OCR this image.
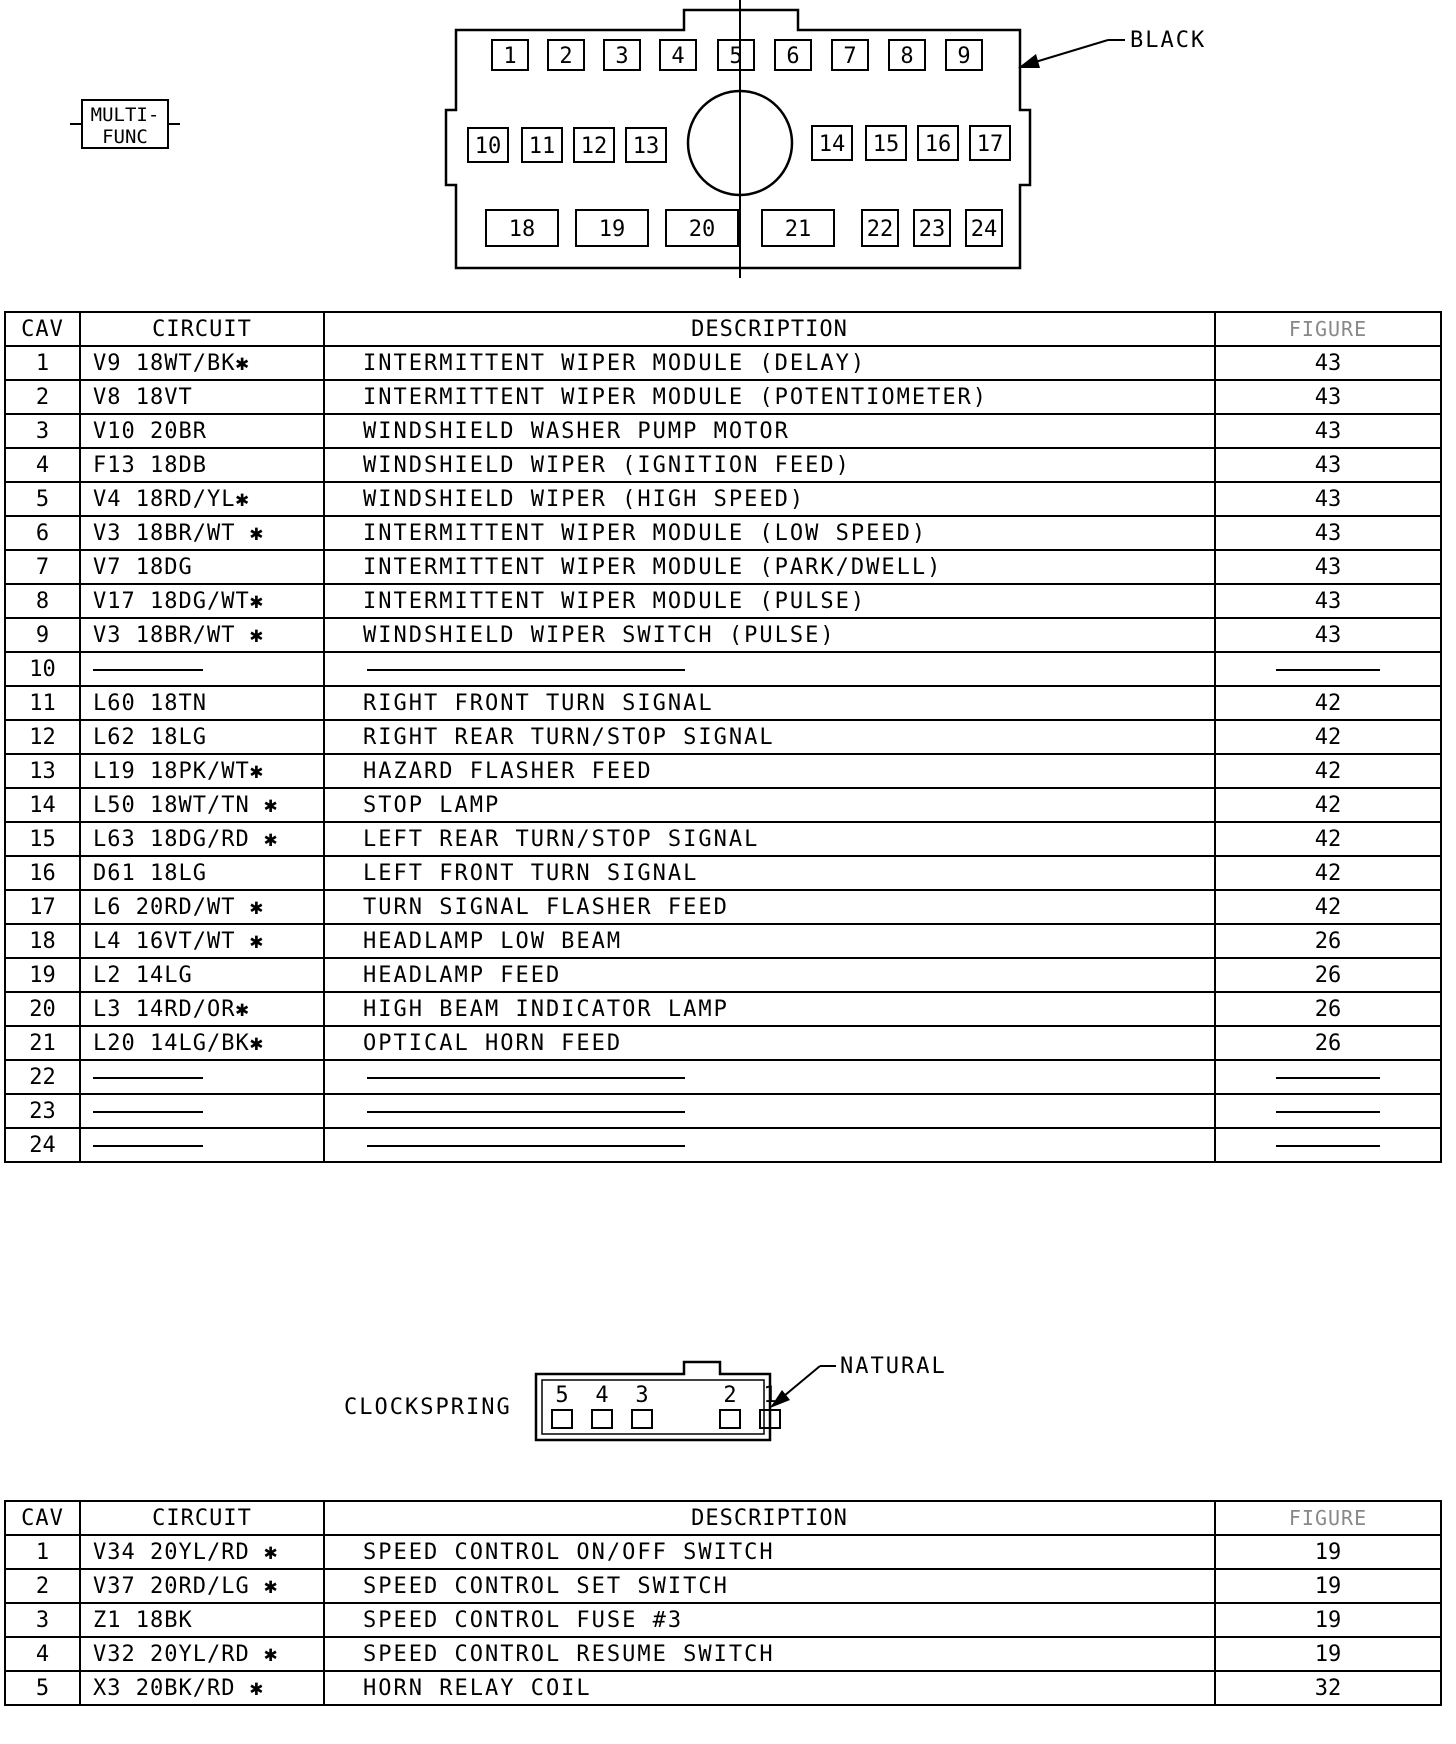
MULTI-
FUNC
1 2 3 4 5 6 7 8 9
10 11 12 13	14 15 16 17
18	19	20	21	22 23 24
BLACK
CAV	CIRCUIT	DESCRIPTION	FIGURE
1	V9 18WT/BK✱	INTERMITTENT WIPER MODULE (DELAY)	43
2	V8 18VT	INTERMITTENT WIPER MODULE (POTENTIOMETER)	43
3	V10 20BR	WINDSHIELD WASHER PUMP MOTOR	43
4	F13 18DB	WINDSHIELD WIPER (IGNITION FEED)	43
5	V4 18RD/YL✱	WINDSHIELD WIPER (HIGH SPEED)	43
6	V3 18BR/WT ✱	INTERMITTENT WIPER MODULE (LOW SPEED)	43
7	V7 18DG	INTERMITTENT WIPER MODULE (PARK/DWELL)	43
8	V17 18DG/WT✱	INTERMITTENT WIPER MODULE (PULSE)	43
9	V3 18BR/WT ✱	WINDSHIELD WIPER SWITCH (PULSE)	43
10			
11	L60 18TN	RIGHT FRONT TURN SIGNAL	42
12	L62 18LG	RIGHT REAR TURN/STOP SIGNAL	42
13	L19 18PK/WT✱	HAZARD FLASHER FEED	42
14	L50 18WT/TN ✱	STOP LAMP	42
15	L63 18DG/RD ✱	LEFT REAR TURN/STOP SIGNAL	42
16	D61 18LG	LEFT FRONT TURN SIGNAL	42
17	L6 20RD/WT ✱	TURN SIGNAL FLASHER FEED	42
18	L4 16VT/WT ✱	HEADLAMP LOW BEAM	26
19	L2 14LG	HEADLAMP FEED	26
20	L3 14RD/OR✱	HIGH BEAM INDICATOR LAMP	26
21	L20 14LG/BK✱	OPTICAL HORN FEED	26
22			
23			
24			
CLOCKSPRING 5 4 3	2 1
NATURAL
CAV	CIRCUIT	DESCRIPTION	FIGURE
1	V34 20YL/RD ✱	SPEED CONTROL ON/OFF SWITCH	19
2	V37 20RD/LG ✱	SPEED CONTROL SET SWITCH	19
3	Z1 18BK	SPEED CONTROL FUSE #3	19
4	V32 20YL/RD ✱	SPEED CONTROL RESUME SWITCH	19
5	X3 20BK/RD ✱	HORN RELAY COIL	32
